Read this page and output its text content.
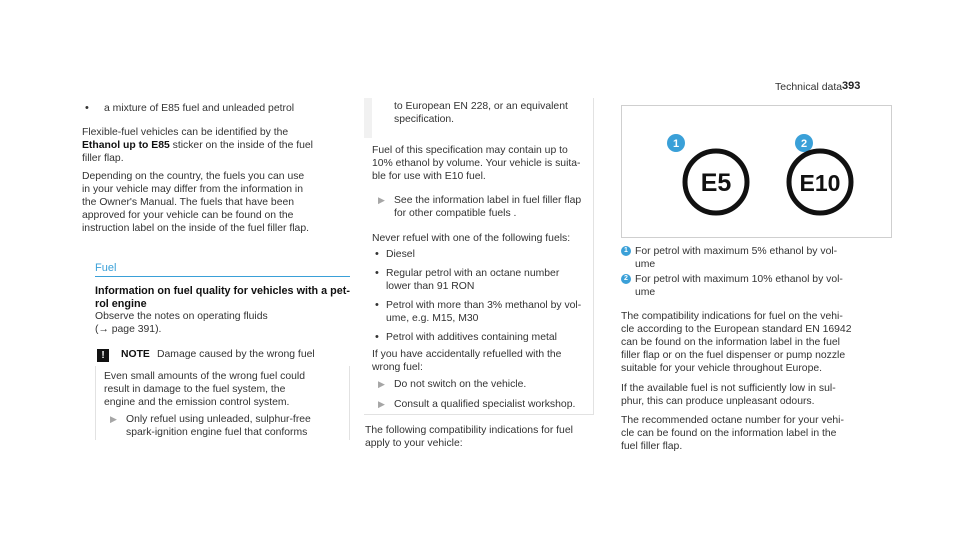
Technical data 393
• a mixture of E85 fuel and unleaded petrol

Flexible-fuel vehicles can be identified by the

Ethanol up to E85 sticker on the inside of the fuel

filler flap.

Depending on the country, the fuels you can use

in your vehicle may differ from the information in

the Owner's Manual. The fuels that have been

approved for your vehicle can be found on the

instruction label on the inside of the fuel filler flap.

Fuel

Information on fuel quality for vehicles with a pet-

rol engine

Observe the notes on operating fluids

(→ page 391).

!	NOTE Damage caused by the wrong fuel

Even small amounts of the wrong fuel could

result in damage to the fuel system, the

engine and the emission control system.

▶ Only refuel using unleaded, sulphur-free

spark-ignition engine fuel that conforms

to European EN 228, or an equivalent

specification.

Fuel of this specification may contain up to

10% ethanol by volume. Your vehicle is suita-

ble for use with E10 fuel.

▶ See the information label in fuel filler flap

for other compatible fuels .

Never refuel with one of the following fuels:

• Diesel

• Regular petrol with an octane number

lower than 91 RON

• Petrol with more than 3% methanol by vol-

ume, e.g. M15, M30

• Petrol with additives containing metal

If you have accidentally refuelled with the

wrong fuel:

▶ Do not switch on the vehicle.

▶ Consult a qualified specialist workshop.

The following compatibility indications for fuel

apply to your vehicle:

1	2
E5	E10
1 For petrol with maximum 5% ethanol by vol-

ume

2 For petrol with maximum 10% ethanol by vol-

ume

The compatibility indications for fuel on the vehi-

cle according to the European standard EN 16942

can be found on the information label in the fuel

filler flap or on the fuel dispenser or pump nozzle

suitable for your vehicle throughout Europe.

If the available fuel is not sufficiently low in sul-

phur, this can produce unpleasant odours.

The recommended octane number for your vehi-

cle can be found on the information label in the

fuel filler flap.
